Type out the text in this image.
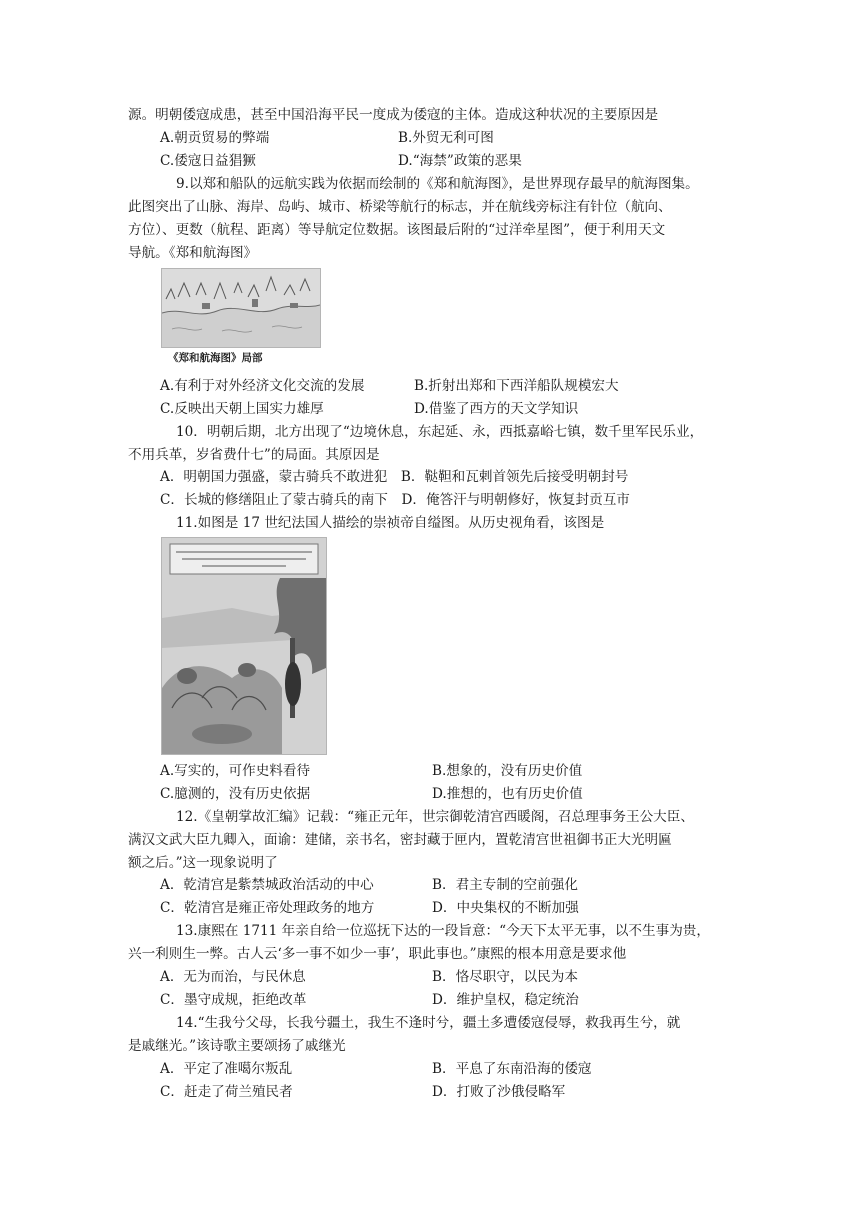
源。明朝倭寇成患，甚至中国沿海平民一度成为倭寇的主体。造成这种状况的主要原因是
A.朝贡贸易的弊端	B.外贸无利可图
C.倭寇日益猖獗	D.“海禁”政策的恶果
9.以郑和船队的远航实践为依据而绘制的《郑和航海图》，是世界现存最早的航海图集。
此图突出了山脉、海岸、岛屿、城市、桥梁等航行的标志，并在航线旁标注有针位（航向、
方位）、更数（航程、距离）等导航定位数据。该图最后附的“过洋牵星图”，便于利用天文
导航。《郑和航海图》
《郑和航海图》局部
A.有利于对外经济文化交流的发展	B.折射出郑和下西洋船队规模宏大
C.反映出天朝上国实力雄厚	D.借鉴了西方的天文学知识
10．明朝后期，北方出现了“边境休息，东起延、永，西抵嘉峪七镇，数千里军民乐业，
不用兵革，岁省费什七”的局面。其原因是
A．明朝国力强盛，蒙古骑兵不敢进犯　B．鞑靼和瓦剌首领先后接受明朝封号
C．长城的修缮阻止了蒙古骑兵的南下　D．俺答汗与明朝修好，恢复封贡互市
11.如图是 17 世纪法国人描绘的崇祯帝自缢图。从历史视角看，该图是
A.写实的，可作史料看待	B.想象的，没有历史价值
C.臆测的，没有历史依据	D.推想的，也有历史价值
12.《皇朝掌故汇编》记载：“雍正元年，世宗御乾清宫西暖阁，召总理事务王公大臣、
满汉文武大臣九卿入，面谕：建储，亲书名，密封藏于匣内，置乾清宫世祖御书正大光明匾
额之后。”这一现象说明了
A．乾清宫是紫禁城政治活动的中心	B．君主专制的空前强化
C．乾清宫是雍正帝处理政务的地方	D．中央集权的不断加强
13.康熙在 1711 年亲自给一位巡抚下达的一段旨意：“今天下太平无事，以不生事为贵，
兴一利则生一弊。古人云‘多一事不如少一事’，职此事也。”康熙的根本用意是要求他
A．无为而治，与民休息	B．恪尽职守，以民为本
C．墨守成规，拒绝改革	D．维护皇权，稳定统治
14.“生我兮父母，长我兮疆土，我生不逢时兮，疆土多遭倭寇侵辱，救我再生兮，就
是戚继光。”该诗歌主要颂扬了戚继光
A．平定了准噶尔叛乱	B．平息了东南沿海的倭寇
C．赶走了荷兰殖民者	D．打败了沙俄侵略军
